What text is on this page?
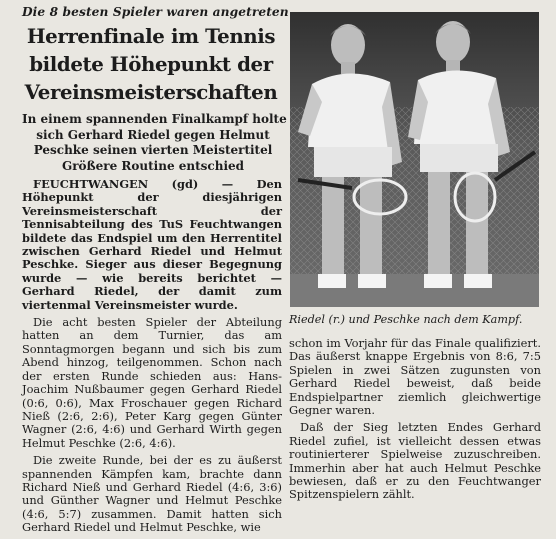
Die 8 besten Spieler waren angetreten
Herrenfinale im Tennis
bildete Höhepunkt der
Vereinsmeisterschaften
In einem spannenden Finalkampf holte
sich Gerhard Riedel gegen Helmut
Peschke seinen vierten Meistertitel
Größere Routine entschied

FEUCHTWANGEN (gd) — Den Höhepunkt der diesjährigen Vereinsmeisterschaft der Tennisabteilung des TuS Feuchtwangen bildete das Endspiel um den Herrentitel zwischen Gerhard Riedel und Helmut Peschke. Sieger aus dieser Begegnung wurde — wie bereits berichtet — Gerhard Riedel, der damit zum viertenmal Vereinsmeister wurde.

Die acht besten Spieler der Abteilung hatten an dem Turnier, das am Sonntagmorgen begann und sich bis zum Abend hinzog, teilgenommen. Schon nach der ersten Runde schieden aus: Hans-Joachim Nußbaumer gegen Gerhard Riedel (0:6, 0:6), Max Froschauer gegen Richard Nieß (2:6, 2:6), Peter Karg gegen Günter Wagner (2:6, 4:6) und Gerhard Wirth gegen Helmut Peschke (2:6, 4:6).

Die zweite Runde, bei der es zu äußerst spannenden Kämpfen kam, brachte dann Richard Nieß und Gerhard Riedel (4:6, 3:6) und Günther Wagner und Helmut Peschke (4:6, 5:7) zusammen. Damit hatten sich Gerhard Riedel und Helmut Peschke, wie

Riedel (r.) und Peschke nach dem Kampf.

schon im Vorjahr für das Finale qualifiziert. Das äußerst knappe Ergebnis von 8:6, 7:5 Spielen in zwei Sätzen zugunsten von Gerhard Riedel beweist, daß beide Endspielpartner ziemlich gleichwertige Gegner waren.

Daß der Sieg letzten Endes Gerhard Riedel zufiel, ist vielleicht dessen etwas routinierterer Spielweise zuzuschreiben. Immerhin aber hat auch Helmut Peschke bewiesen, daß er zu den Feuchtwanger Spitzenspielern zählt.
